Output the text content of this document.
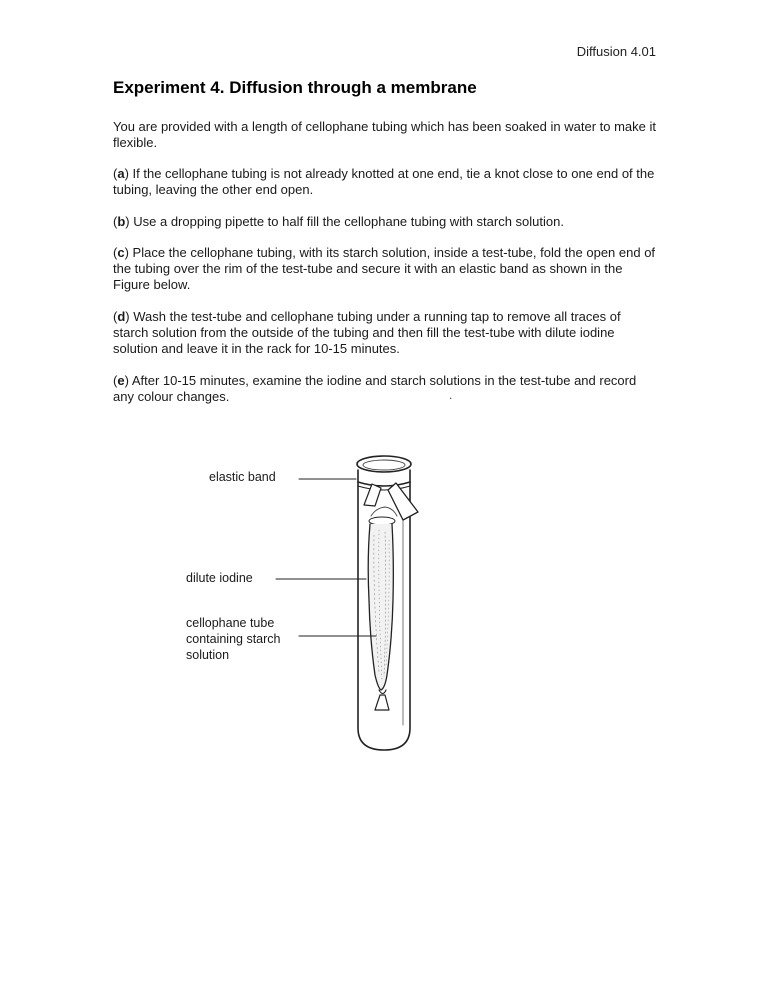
Diffusion 4.01
Experiment 4. Diffusion through a membrane

You are provided with a length of cellophane tubing which has been soaked in water to make it flexible.

(a) If the cellophane tubing is not already knotted at one end, tie a knot close to one end of the tubing, leaving the other end open.

(b) Use a dropping pipette to half fill the cellophane tubing with starch solution.

(c) Place the cellophane tubing, with its starch solution, inside a test-tube, fold the open end of the tubing over the rim of the test-tube and secure it with an elastic band as shown in the Figure below.

(d) Wash the test-tube and cellophane tubing under a running tap to remove all traces of starch solution from the outside of the tubing and then fill the test-tube with dilute iodine solution and leave it in the rack for 10-15 minutes.

(e) After 10-15 minutes, examine the iodine and starch solutions in the test-tube and record any colour changes.	.
elastic band
dilute iodine
cellophane tube containing starch solution
